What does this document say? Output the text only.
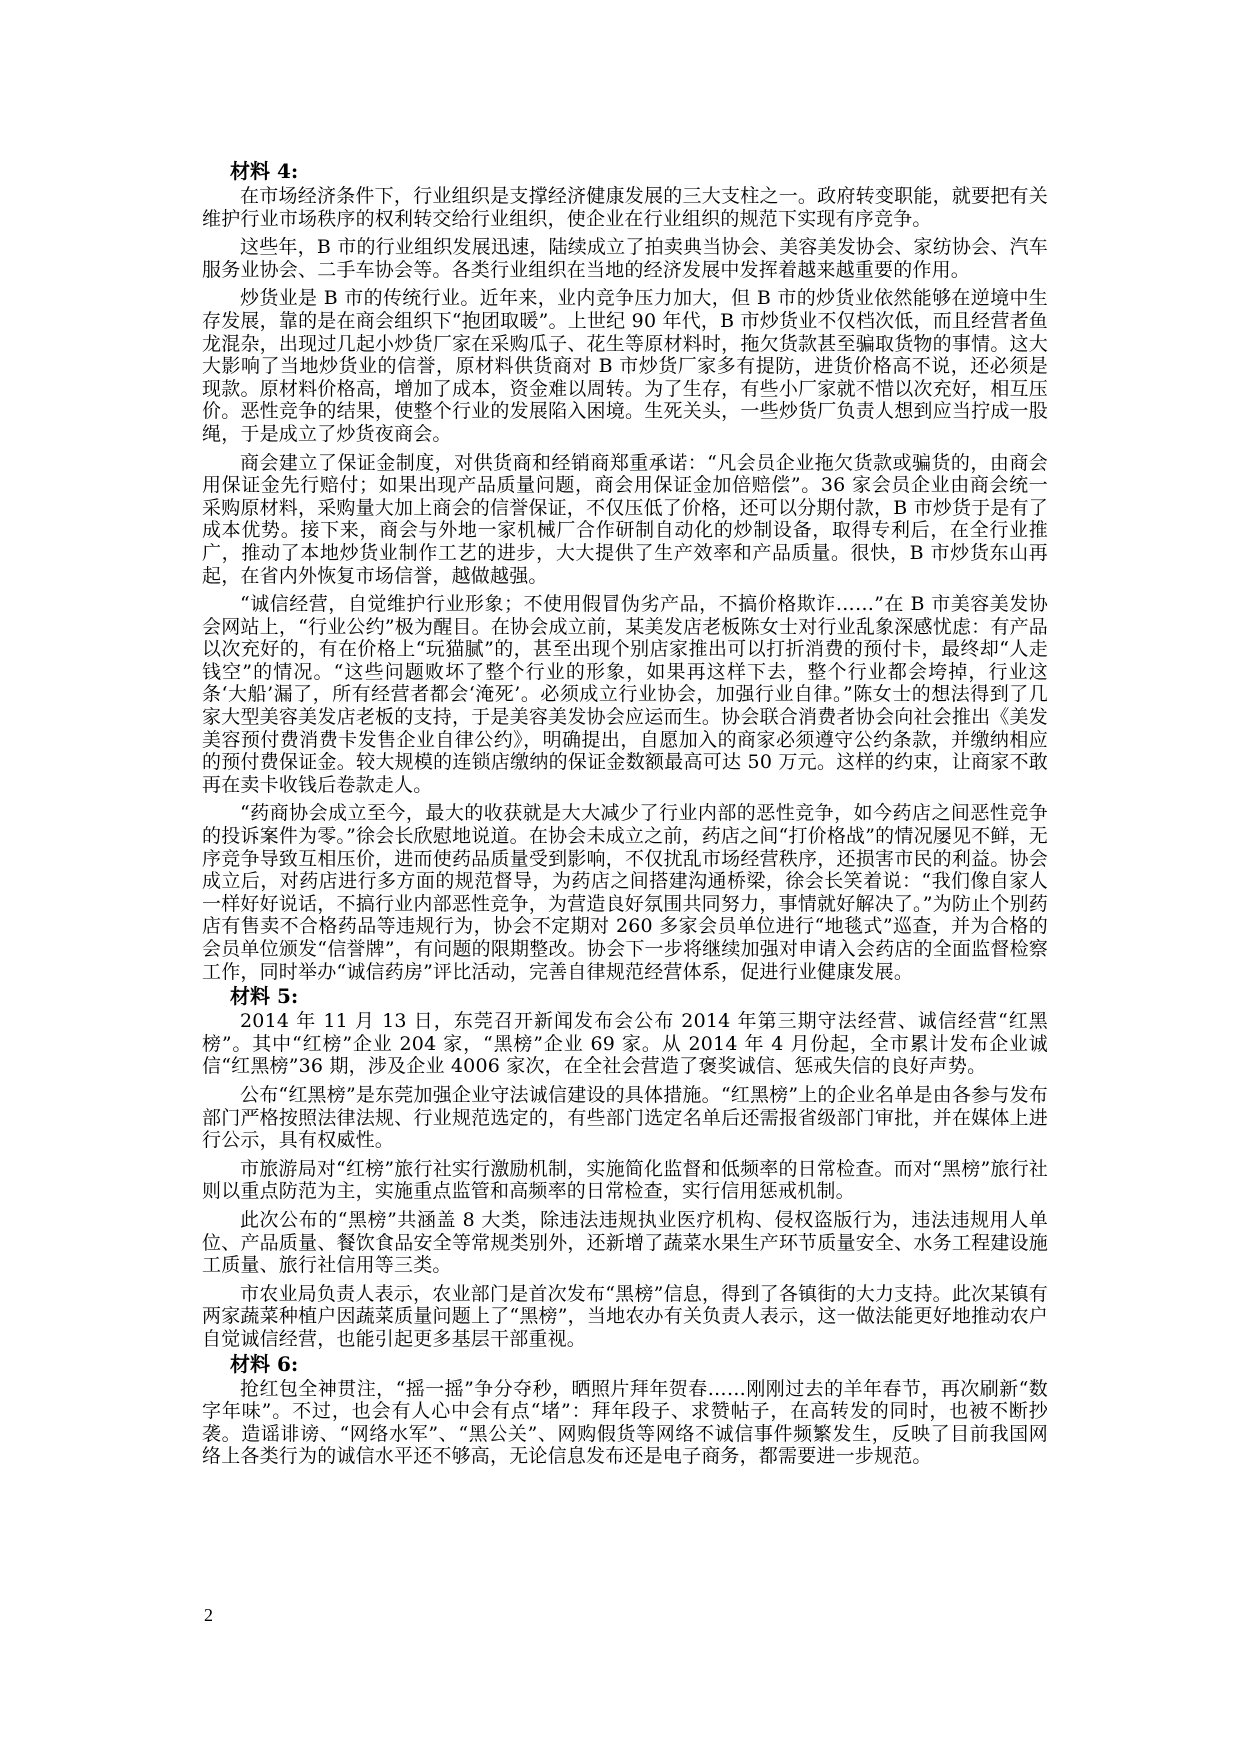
材料 4:

在市场经济条件下，行业组织是支撑经济健康发展的三大支柱之一。政府转变职能，就要把有关维护行业市场秩序的权利转交给行业组织，使企业在行业组织的规范下实现有序竞争。

这些年，B 市的行业组织发展迅速，陆续成立了拍卖典当协会、美容美发协会、家纺协会、汽车服务业协会、二手车协会等。各类行业组织在当地的经济发展中发挥着越来越重要的作用。

炒货业是 B 市的传统行业。近年来，业内竞争压力加大，但 B 市的炒货业依然能够在逆境中生存发展，靠的是在商会组织下“抱团取暖”。上世纪 90 年代，B 市炒货业不仅档次低，而且经营者鱼龙混杂，出现过几起小炒货厂家在采购瓜子、花生等原材料时，拖欠货款甚至骗取货物的事情。这大大影响了当地炒货业的信誉，原材料供货商对 B 市炒货厂家多有提防，进货价格高不说，还必须是现款。原材料价格高，增加了成本，资金难以周转。为了生存，有些小厂家就不惜以次充好，相互压价。恶性竞争的结果，使整个行业的发展陷入困境。生死关头，一些炒货厂负责人想到应当拧成一股绳，于是成立了炒货夜商会。

商会建立了保证金制度，对供货商和经销商郑重承诺：“凡会员企业拖欠货款或骗货的，由商会用保证金先行赔付；如果出现产品质量问题，商会用保证金加倍赔偿”。36 家会员企业由商会统一采购原材料，采购量大加上商会的信誉保证，不仅压低了价格，还可以分期付款，B 市炒货于是有了成本优势。接下来，商会与外地一家机械厂合作研制自动化的炒制设备，取得专利后，在全行业推广，推动了本地炒货业制作工艺的进步，大大提供了生产效率和产品质量。很快，B 市炒货东山再起，在省内外恢复市场信誉，越做越强。

“诚信经营，自觉维护行业形象；不使用假冒伪劣产品，不搞价格欺诈……”在 B 市美容美发协会网站上，“行业公约”极为醒目。在协会成立前，某美发店老板陈女士对行业乱象深感忧虑：有产品以次充好的，有在价格上“玩猫腻”的，甚至出现个别店家推出可以打折消费的预付卡，最终却“人走钱空”的情况。“这些问题败坏了整个行业的形象，如果再这样下去，整个行业都会垮掉，行业这条‘大船’漏了，所有经营者都会‘淹死’。必须成立行业协会，加强行业自律。”陈女士的想法得到了几家大型美容美发店老板的支持，于是美容美发协会应运而生。协会联合消费者协会向社会推出《美发美容预付费消费卡发售企业自律公约》，明确提出，自愿加入的商家必须遵守公约条款，并缴纳相应的预付费保证金。较大规模的连锁店缴纳的保证金数额最高可达 50 万元。这样的约束，让商家不敢再在卖卡收钱后卷款走人。

“药商协会成立至今，最大的收获就是大大减少了行业内部的恶性竞争，如今药店之间恶性竞争的投诉案件为零。”徐会长欣慰地说道。在协会未成立之前，药店之间“打价格战”的情况屡见不鲜，无序竞争导致互相压价，进而使药品质量受到影响，不仅扰乱市场经营秩序，还损害市民的利益。协会成立后，对药店进行多方面的规范督导，为药店之间搭建沟通桥梁，徐会长笑着说：“我们像自家人一样好好说话，不搞行业内部恶性竞争，为营造良好氛围共同努力，事情就好解决了。”为防止个别药店有售卖不合格药品等违规行为，协会不定期对 260 多家会员单位进行“地毯式”巡查，并为合格的会员单位颁发“信誉牌”，有问题的限期整改。协会下一步将继续加强对申请入会药店的全面监督检察工作，同时举办“诚信药房”评比活动，完善自律规范经营体系，促进行业健康发展。

材料 5:

2014 年 11 月 13 日，东莞召开新闻发布会公布 2014 年第三期守法经营、诚信经营“红黑榜”。其中“红榜”企业 204 家，“黑榜”企业 69 家。从 2014 年 4 月份起，全市累计发布企业诚信“红黑榜”36 期，涉及企业 4006 家次，在全社会营造了褒奖诚信、惩戒失信的良好声势。

公布“红黑榜”是东莞加强企业守法诚信建设的具体措施。“红黑榜”上的企业名单是由各参与发布部门严格按照法律法规、行业规范选定的，有些部门选定名单后还需报省级部门审批，并在媒体上进行公示，具有权威性。

市旅游局对“红榜”旅行社实行激励机制，实施简化监督和低频率的日常检查。而对“黑榜”旅行社则以重点防范为主，实施重点监管和高频率的日常检查，实行信用惩戒机制。

此次公布的“黑榜”共涵盖 8 大类，除违法违规执业医疗机构、侵权盗版行为，违法违规用人单位、产品质量、餐饮食品安全等常规类别外，还新增了蔬菜水果生产环节质量安全、水务工程建设施工质量、旅行社信用等三类。

市农业局负责人表示，农业部门是首次发布“黑榜”信息，得到了各镇街的大力支持。此次某镇有两家蔬菜种植户因蔬菜质量问题上了“黑榜”，当地农办有关负责人表示，这一做法能更好地推动农户自觉诚信经营，也能引起更多基层干部重视。

材料 6:

抢红包全神贯注，“摇一摇”争分夺秒，晒照片拜年贺春……刚刚过去的羊年春节，再次刷新“数字年味”。不过，也会有人心中会有点“堵”：拜年段子、求赞帖子，在高转发的同时，也被不断抄袭。造谣诽谤、“网络水军”、“黑公关”、网购假货等网络不诚信事件频繁发生，反映了目前我国网络上各类行为的诚信水平还不够高，无论信息发布还是电子商务，都需要进一步规范。

2
